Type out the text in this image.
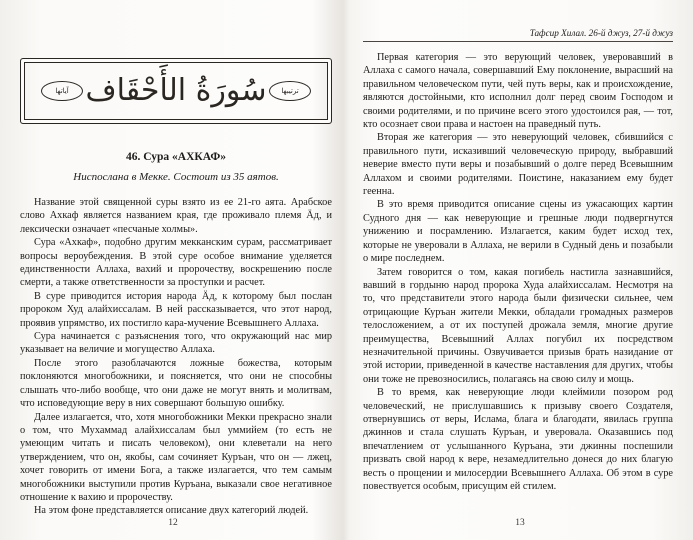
آياتها سُورَةُ الأَحْقَاف ترتيبها
46. Сура «АХКАФ»
Ниспослана в Мекке. Состоит из 35 аятов.

Название этой священной суры взято из ее 21-го аята. Арабское слово Ахкаф является названием края, где проживало племя Äд, и лексически означает «песчаные холмы».

Сура «Ахкаф», подобно другим мекканским сурам, рассматривает вопросы вероубеждения. В этой суре особое внимание уделяется единственности Аллаха, вахий и пророчеству, воскрешению после смерти, а также ответственности за проступки и расчет.

В суре приводится история народа Äд, к которому был послан пророком Худ алайхиссалам. В ней рассказывается, что этот народ, проявив упрямство, их постигло кара-мучение Всевышнего Аллаха.

Сура начинается с разъяснения того, что окружающий нас мир указывает на величие и могущество Аллаха.

После этого разоблачаются ложные божества, которым поклоняются многобожники, и поясняется, что они не способны слышать что-либо вообще, что они даже не могут внять и молитвам, что исповедующие веру в них совершают большую ошибку.

Далее излагается, что, хотя многобожники Мекки прекрасно знали о том, что Мухаммад алайхиссалам был уммийем (то есть не умеющим читать и писать человеком), они клеветали на него утверждением, что он, якобы, сам сочиняет Куръан, что он — лжец, хочет говорить от имени Бога, а также излагается, что тем самым многобожники выступили против Куръана, выказали свое негативное отношение к вахию и пророчеству.

На этом фоне представляется описание двух категорий людей.

12
Тафсир Хилал. 26-й джуз, 27-й джуз

Первая категория — это верующий человек, уверовавший в Аллаха с самого начала, совершавший Ему поклонение, вырасший на правильном человеческом пути, чей путь веры, как и происхождение, являются достойными, кто исполнил долг перед своим Господом и своими родителями, и по причине всего этого удостоился рая, — тот, кто осознает свои права и настоен на праведный путь.

Вторая же категория — это неверующий человек, сбившийся с правильного пути, исказивший человеческую природу, выбравший неверие вместо пути веры и позабывший о долге перед Всевышним Аллахом и своими родителями. Поистине, наказанием ему будет геенна.

В это время приводится описание сцены из ужасающих картин Судного дня — как неверующие и грешные люди подвергнутся унижению и посрамлению. Излагается, каким будет исход тех, которые не уверовали в Аллаха, не верили в Судный день и позабыли о мире последнем.

Затем говорится о том, какая погибель настигла зазнавшийся, вавший в гордыню народ пророка Худа алайхиссалам. Несмотря на то, что представители этого народа были физически сильнее, чем отрицающие Куръан жители Мекки, обладали громадных размеров телосложением, а от их поступей дрожала земля, многие другие преимущества, Всевышний Аллах погубил их посредством незначительной причины. Озвучивается призыв брать назидание от этой истории, приведенной в качестве наставления для других, чтобы они тоже не превозносились, полагаясь на свою силу и мощь.

В то время, как неверующие люди клеймили позором род человеческий, не прислушавшись к призыву своего Создателя, отвернувшись от веры, Ислама, блага и благодати, явилась группа джиннов и стала слушать Куръан, и уверовала. Оказавшись под впечатлением от услышанного Куръана, эти джинны поспешили призвать свой народ к вере, незамедлительно донеся до них благую весть о прощении и милосердии Всевышнего Аллаха. Об этом в суре повествуется особым, присущим ей стилем.

13
